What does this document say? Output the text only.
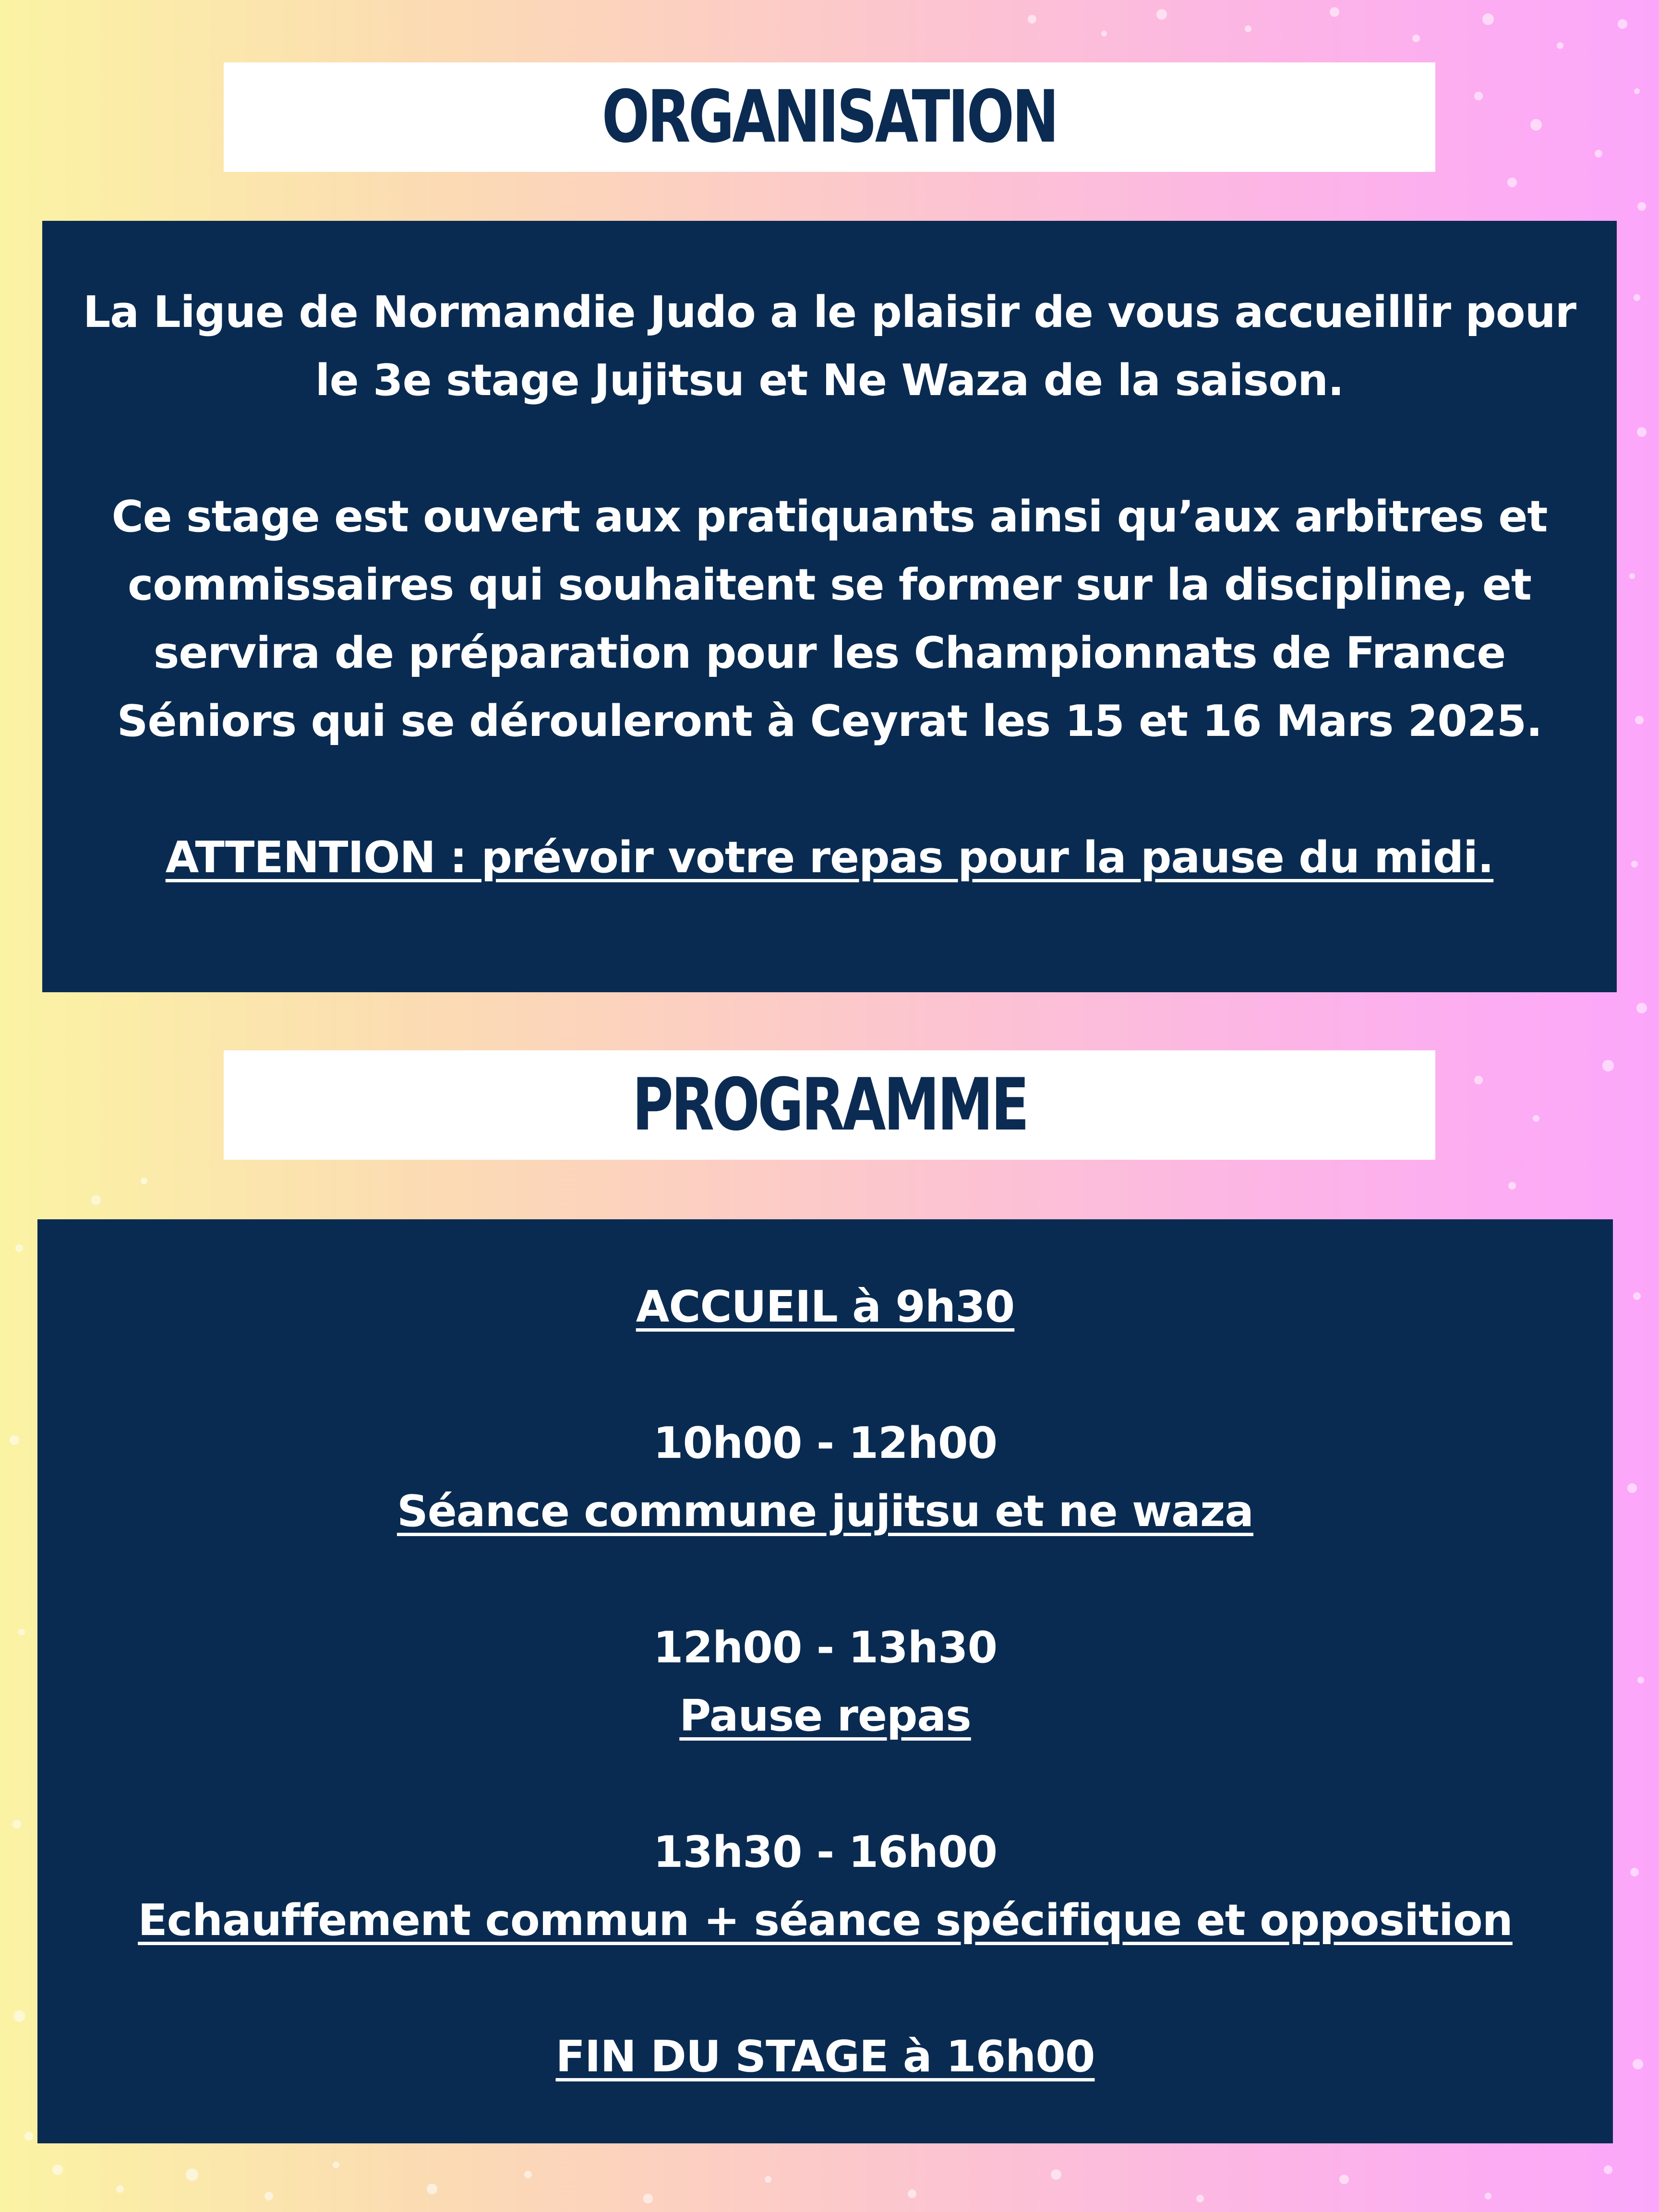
ORGANISATION

La Ligue de Normandie Judo a le plaisir de vous accueillir pour

le 3e stage Jujitsu et Ne Waza de la saison.

Ce stage est ouvert aux pratiquants ainsi qu’aux arbitres et

commissaires qui souhaitent se former sur la discipline, et

servira de préparation pour les Championnats de France

Séniors qui se dérouleront à Ceyrat les 15 et 16 Mars 2025.

ATTENTION : prévoir votre repas pour la pause du midi.

PROGRAMME

ACCUEIL à 9h30

10h00 - 12h00

Séance commune jujitsu et ne waza

12h00 - 13h30

Pause repas

13h30 - 16h00

Echauffement commun + séance spécifique et opposition

FIN DU STAGE à 16h00
